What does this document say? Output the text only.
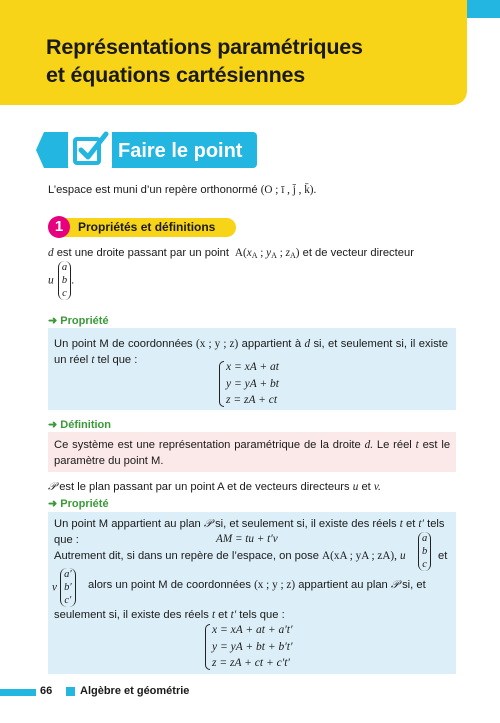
Représentations paramétriques
et équations cartésiennes
Faire le point
L’espace est muni d’un repère orthonormé (O ; ī , j̄ , k̄).
1	Propriétés et définitions
d est une droite passant par un point $A(x_A$ ; $y_A$ ; $z_A$) et de vecteur directeur
u
a
b
c
.
➜ Propriété
Un point M de coordonnées (x ; y ; z) appartient à d si, et seulement si, il existe un réel t tel que :
x = xA + at
y = yA + bt
z = zA + ct
➜ Définition
Ce système est une représentation paramétrique de la droite d. Le réel t est le paramètre du point M.
𝒫 est le plan passant par un point A et de vecteurs directeurs u et v.
➜ Propriété
Un point M appartient au plan 𝒫 si, et seulement si, il existe des réels t et t′ tels
que :	AM = tu + t′v
Autrement dit, si dans un repère de l’espace, on pose A(xA ; yA ; zA), u
a
b
c
et
v
a′
b′
c′
alors un point M de coordonnées (x ; y ; z) appartient au plan 𝒫 si, et
seulement si, il existe des réels t et t′ tels que :
x = xA + at + a′t′
y = yA + bt + b′t′
z = zA + ct + c′t′
66	Algèbre et géométrie
